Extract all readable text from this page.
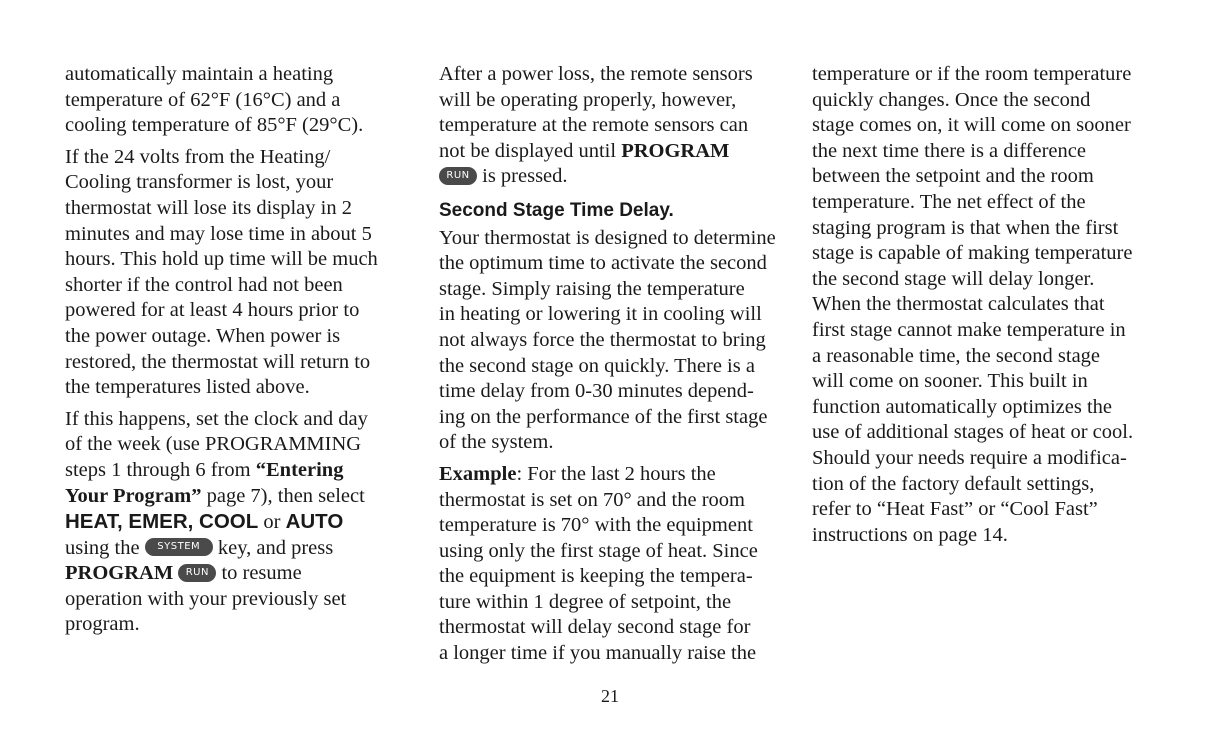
automatically maintain a heating
temperature of 62°F (16°C) and a
cooling temperature of 85°F (29°C).
If the 24 volts from the Heating/
Cooling transformer is lost, your
thermostat will lose its display in 2
minutes and may lose time in about 5
hours. This hold up time will be much
shorter if the control had not been
powered for at least 4 hours prior to
the power outage. When power is
restored, the thermostat will return to
the temperatures listed above.
If this happens, set the clock and day
of the week (use PROGRAMMING
steps 1 through 6 from “Entering
Your Program” page 7), then select
HEAT, EMER, COOL or AUTO
using the SYSTEM key, and press
PROGRAM RUN to resume
operation with your previously set
program.
After a power loss, the remote sensors
will be operating properly, however,
temperature at the remote sensors can
not be displayed until PROGRAM
RUN is pressed.
Second Stage Time Delay.
Your thermostat is designed to determine
the optimum time to activate the second
stage. Simply raising the temperature
in heating or lowering it in cooling will
not always force the thermostat to bring
the second stage on quickly. There is a
time delay from 0-30 minutes depend-
ing on the performance of the first stage
of the system.
Example: For the last 2 hours the
thermostat is set on 70° and the room
temperature is 70° with the equipment
using only the first stage of heat. Since
the equipment is keeping the tempera-
ture within 1 degree of setpoint, the
thermostat will delay second stage for
a longer time if you manually raise the
temperature or if the room temperature
quickly changes. Once the second
stage comes on, it will come on sooner
the next time there is a difference
between the setpoint and the room
temperature. The net effect of the
staging program is that when the first
stage is capable of making temperature
the second stage will delay longer.
When the thermostat calculates that
first stage cannot make temperature in
a reasonable time, the second stage
will come on sooner. This built in
function automatically optimizes the
use of additional stages of heat or cool.
Should your needs require a modifica-
tion of the factory default settings,
refer to “Heat Fast” or “Cool Fast”
instructions on page 14.
21
